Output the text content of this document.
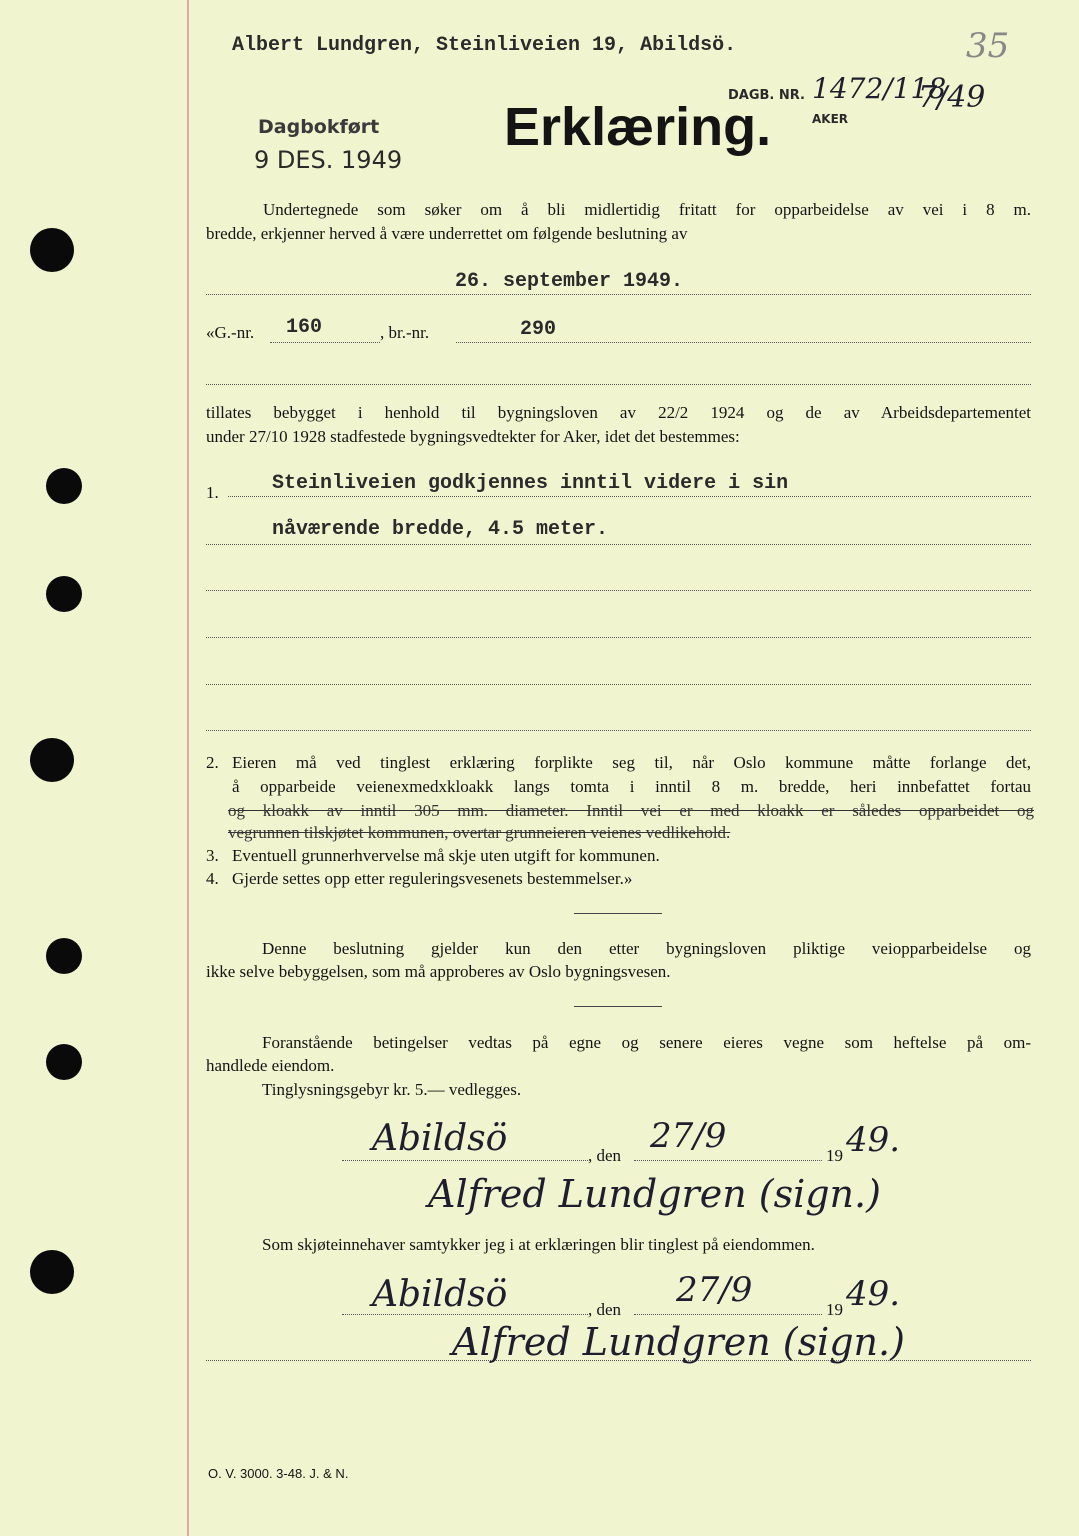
Albert Lundgren, Steinliveien 19, Abildsö.	35
DAGB. NR. 1472/118
7/49
AKER
Dagbokført
9 DES. 1949
Erklæring.
Undertegnede som søker om å bli midlertidig fritatt for opparbeidelse av vei i 8 m.
bredde, erkjenner herved å være underrettet om følgende beslutning av
26. september 1949.
«G.-nr. 160	, br.-nr.	290
tillates bebygget i henhold til bygningsloven av 22/2 1924 og de av Arbeidsdepartementet
under 27/10 1928 stadfestede bygningsvedtekter for Aker, idet det bestemmes:
1.	Steinliveien godkjennes inntil videre i sin
nåværende bredde, 4.5 meter.
2. Eieren må ved tinglest erklæring forplikte seg til, når Oslo kommune måtte forlange det,
å opparbeide veienexmedxkloakk langs tomta i inntil 8 m. bredde, heri innbefattet fortau
og kloakk av inntil 305 mm. diameter. Inntil vei er med kloakk er således opparbeidet og
vegrunnen tilskjøtet kommunen, overtar grunneieren veienes vedlikehold.
3. Eventuell grunnerhvervelse må skje uten utgift for kommunen.
4. Gjerde settes opp etter reguleringsvesenets bestemmelser.»
Denne beslutning gjelder kun den etter bygningsloven pliktige veiopparbeidelse og
ikke selve bebyggelsen, som må approberes av Oslo bygningsvesen.
Foranstående betingelser vedtas på egne og senere eieres vegne som heftelse på om-
handlede eiendom.
Tinglysningsgebyr kr. 5.— vedlegges.
Abildsö	, den 27/9	19 49.
Alfred Lundgren (sign.)
Som skjøteinnehaver samtykker jeg i at erklæringen blir tinglest på eiendommen.
Abildsö	, den 27/9	19 49.
Alfred Lundgren (sign.)
O. V. 3000. 3-48. J. & N.
